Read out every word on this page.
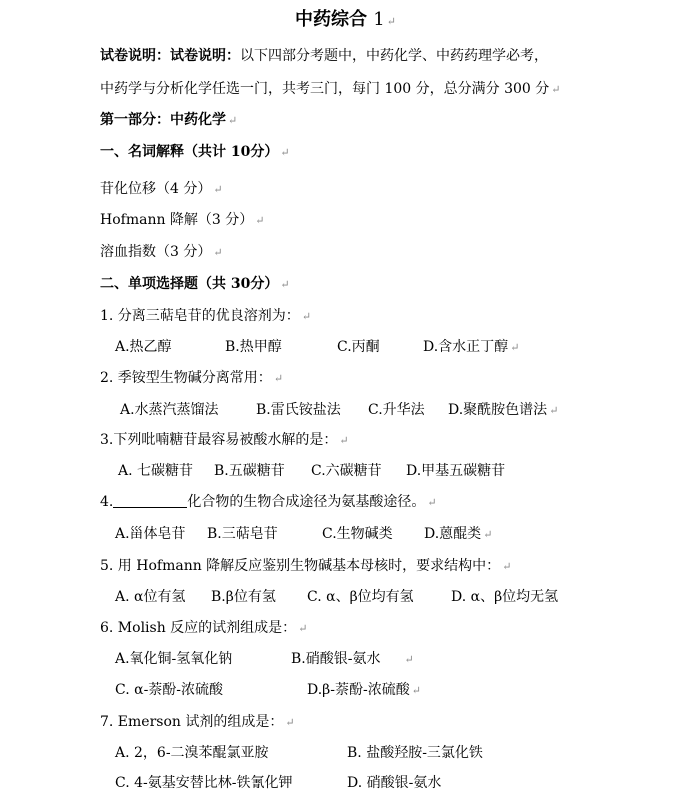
中药综合 1 ↵
试卷说明：试卷说明：以下四部分考题中，中药化学、中药药理学必考，
中药学与分析化学任选一门，共考三门，每门 100 分，总分满分 300 分 ↵
第一部分：中药化学 ↵
一、名词解释（共计 10分） ↵
苷化位移（4 分） ↵
Hofmann 降解（3 分） ↵
溶血指数（3 分） ↵
二、单项选择题（共 30分） ↵
1. 分离三萜皂苷的优良溶剂为： ↵
A.热乙醇	B.热甲醇	C.丙酮	D.含水正丁醇 ↵
2. 季铵型生物碱分离常用： ↵
A.水蒸汽蒸馏法	B.雷氏铵盐法 C.升华法 D.聚酰胺色谱法 ↵
3.下列吡喃糖苷最容易被酸水解的是： ↵
A. 七碳糖苷 B.五碳糖苷 C.六碳糖苷 D.甲基五碳糖苷
4.	化合物的生物合成途径为氨基酸途径。 ↵
A.甾体皂苷 B.三萜皂苷	C.生物碱类 D.蒽醌类 ↵
5. 用 Hofmann 降解反应鉴别生物碱基本母核时，要求结构中： ↵
A. α位有氢 B.β位有氢 C. α、β位均有氢	D. α、β位均无氢
6. Molish 反应的试剂组成是： ↵
A.氧化铜-氢氧化钠	B.硝酸银-氨水 ↵
C. α-萘酚-浓硫酸	D.β-萘酚-浓硫酸 ↵
7. Emerson 试剂的组成是： ↵
A. 2，6-二溴苯醌氯亚胺	B. 盐酸羟胺-三氯化铁
C. 4-氨基安替比林-铁氰化钾	D. 硝酸银-氨水
